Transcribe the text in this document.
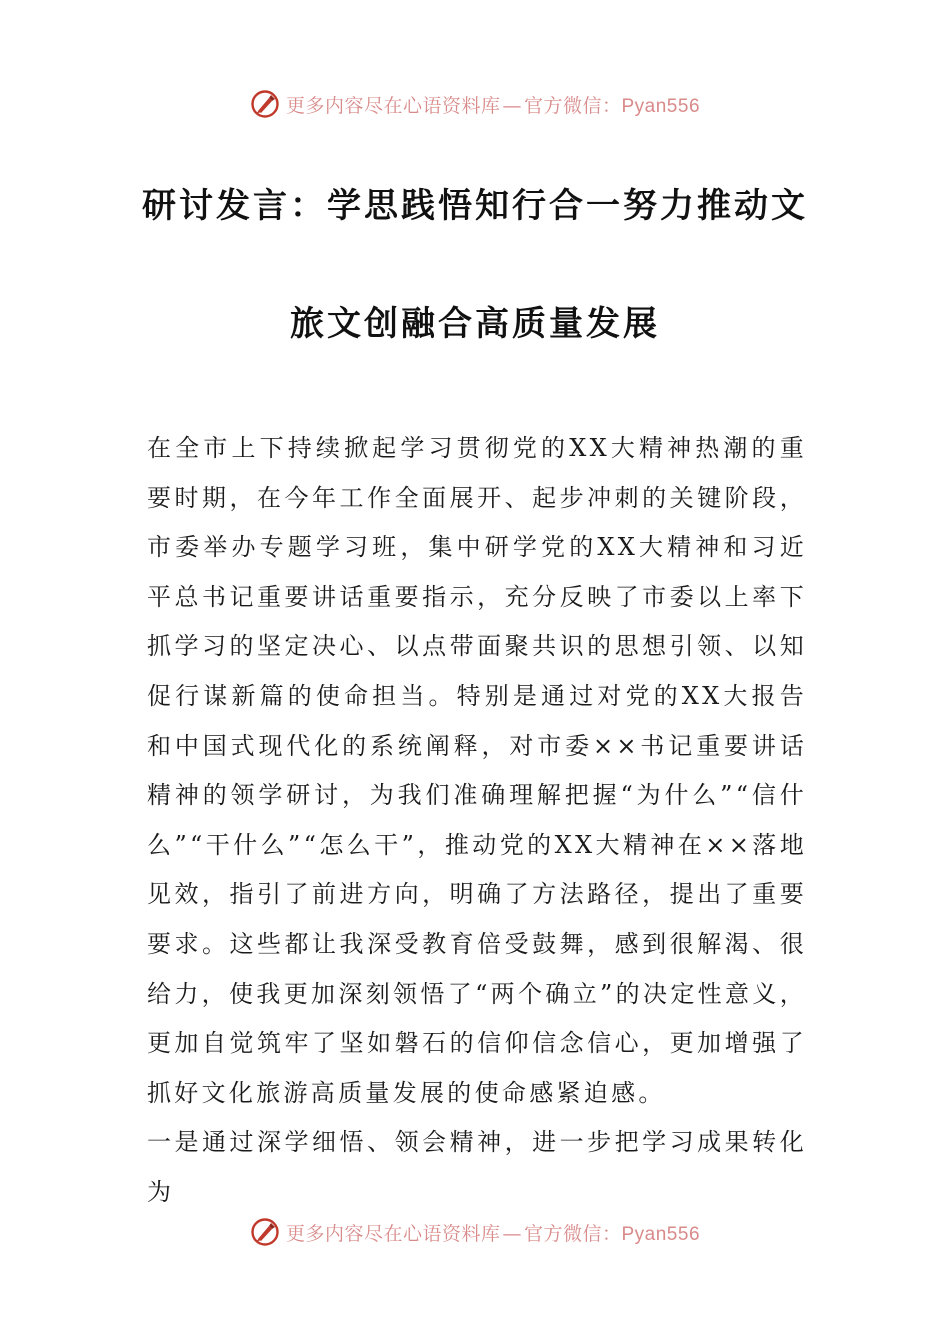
更多内容尽在心语资料库 — 官方微信：Pyan556
研讨发言：学思践悟知行合一努力推动文
旅文创融合高质量发展

在全市上下持续掀起学习贯彻党的XX大精神热潮的重要时期，在今年工作全面展开、起步冲刺的关键阶段，市委举办专题学习班，集中研学党的XX大精神和习近平总书记重要讲话重要指示，充分反映了市委以上率下抓学习的坚定决心、以点带面聚共识的思想引领、以知促行谋新篇的使命担当。特别是通过对党的XX大报告和中国式现代化的系统阐释，对市委××书记重要讲话精神的领学研讨，为我们准确理解把握“为什么”“信什么”“干什么”“怎么干”，推动党的XX大精神在××落地见效，指引了前进方向，明确了方法路径，提出了重要要求。这些都让我深受教育倍受鼓舞，感到很解渴、很给力，使我更加深刻领悟了“两个确立”的决定性意义，更加自觉筑牢了坚如磐石的信仰信念信心，更加增强了抓好文化旅游高质量发展的使命感紧迫感。

一是通过深学细悟、领会精神，进一步把学习成果转化为

更多内容尽在心语资料库 — 官方微信：Pyan556
